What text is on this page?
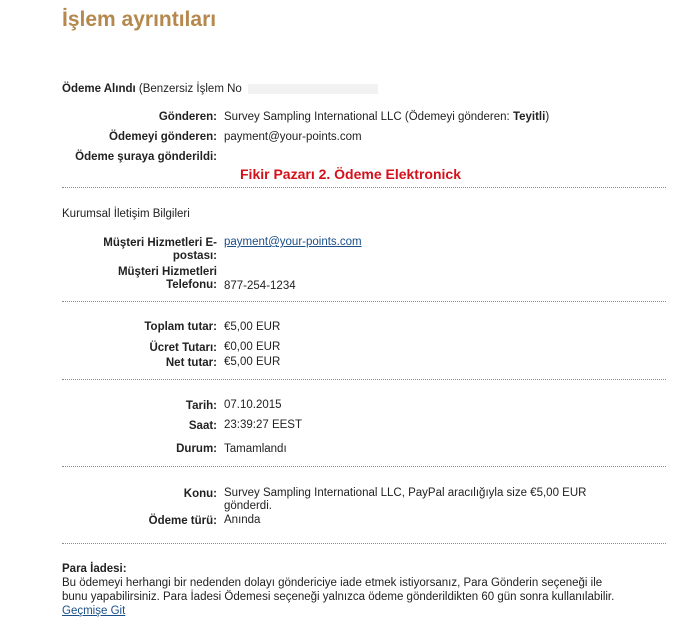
İşlem ayrıntıları
Ödeme Alındı (Benzersiz İşlem No
Gönderen: Survey Sampling International LLC (Ödemeyi gönderen: Teyitli)
Ödemeyi gönderen: payment@your-points.com
Ödeme şuraya gönderildi:
Fikir Pazarı 2. Ödeme Elektronick
Kurumsal İletişim Bilgileri
Müşteri Hizmetleri E-
postası:
payment@your-points.com
Müşteri Hizmetleri
Telefonu: 877-254-1234
Toplam tutar: €5,00 EUR
Ücret Tutarı: €0,00 EUR
Net tutar: €5,00 EUR
Tarih: 07.10.2015
Saat: 23:39:27 EEST
Durum: Tamamlandı
Konu: Survey Sampling International LLC, PayPal aracılığıyla size €5,00 EUR
gönderdi.
Ödeme türü: Anında
Para İadesi:
Bu ödemeyi herhangi bir nedenden dolayı göndericiye iade etmek istiyorsanız, Para Gönderin seçeneği ile
bunu yapabilirsiniz. Para İadesi Ödemesi seçeneği yalnızca ödeme gönderildikten 60 gün sonra kullanılabilir.
Geçmişe Git
